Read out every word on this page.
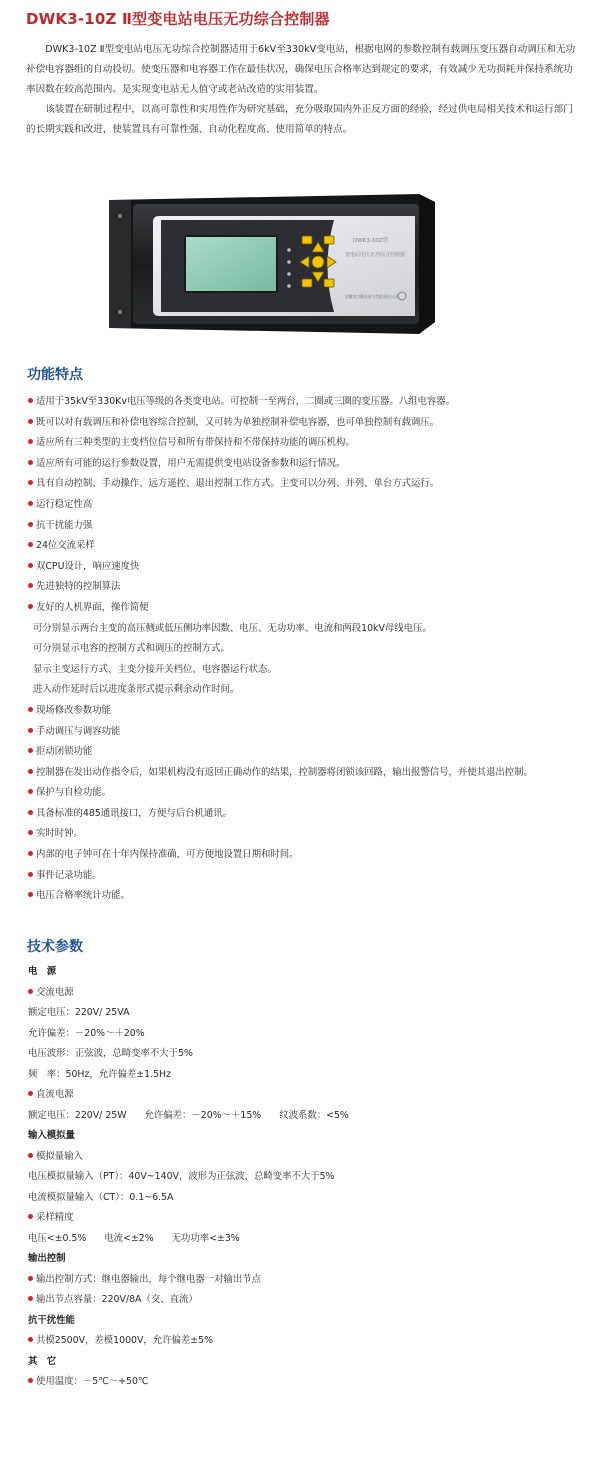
DWK3-10Z Ⅱ型变电站电压无功综合控制器

DWK3-10Z Ⅱ型变电站电压无功综合控制器适用于6kV至330kV变电站，根据电网的参数控制有载调压变压器自动调压和无功补偿电容器组的自动投切。使变压器和电容器工作在最佳状况，确保电压合格率达到规定的要求，有效减少无功损耗并保持系统功率因数在较高范围内。是实现变电站无人值守或老站改造的实用装置。

该装置在研制过程中，以高可靠性和实用性作为研究基础，充分吸取国内外正反方面的经验，经过供电局相关技术和运行部门的长期实践和改进，使装置具有可靠性强、自动化程度高、使用简单的特点。

DWK3-10Z型
变电站电压无功综合控制器
安徽电力繁昌电气有限责任公司
功能特点
适用于35kV至330Kv电压等级的各类变电站。可控制一至两台，二圈或三圈的变压器。八组电容器。
既可以对有载调压和补偿电容综合控制，又可转为单独控制补偿电容器，也可单独控制有载调压。
适应所有三种类型的主变档位信号和所有带保持和不带保持功能的调压机构。
适应所有可能的运行参数设置，用户无需提供变电站设备参数和运行情况。
具有自动控制、手动操作、远方遥控、退出控制工作方式。主变可以分列、并列、单台方式运行。
运行稳定性高
抗干扰能力强
24位交流采样
双CPU设计，响应速度快
先进独特的控制算法
友好的人机界面，操作简便
可分别显示两台主变的高压侧或低压侧功率因数、电压、无功功率、电流和两段10kV母线电压。
可分别显示电容的控制方式和调压的控制方式。
显示主变运行方式、主变分接开关档位、电容器运行状态。
进入动作延时后以进度条形式提示剩余动作时间。
现场修改参数功能
手动调压与调容功能
拒动闭锁功能
控制器在发出动作指令后，如果机构没有返回正确动作的结果，控制器将闭锁该回路，输出报警信号，并使其退出控制。
保护与自检功能。
具备标准的485通讯接口，方便与后台机通讯。
实时时钟。
内部的电子钟可在十年内保持准确，可方便地设置日期和时间。
事件记录功能。
电压合格率统计功能。
技术参数
电　源
交流电源
额定电压：220V/ 25VA
允许偏差：－20%～＋20%
电压波形：正弦波，总畸变率不大于5%
频　率：50Hz，允许偏差±1.5Hz
直流电源
额定电压：220V/ 25W 允许偏差：－20%～＋15% 纹波系数：<5%
输入模拟量
模拟量输入
电压模拟量输入（PT）：40V~140V，波形为正弦波，总畸变率不大于5%
电流模拟量输入（CT）：0.1~6.5A
采样精度
电压<±0.5% 电流<±2% 无功功率<±3%
输出控制
输出控制方式：继电器输出，每个继电器一对输出节点
输出节点容量：220V/8A（交、直流）
抗干扰性能
共模2500V，差模1000V，允许偏差±5%
其　它
使用温度：－5℃～+50℃
